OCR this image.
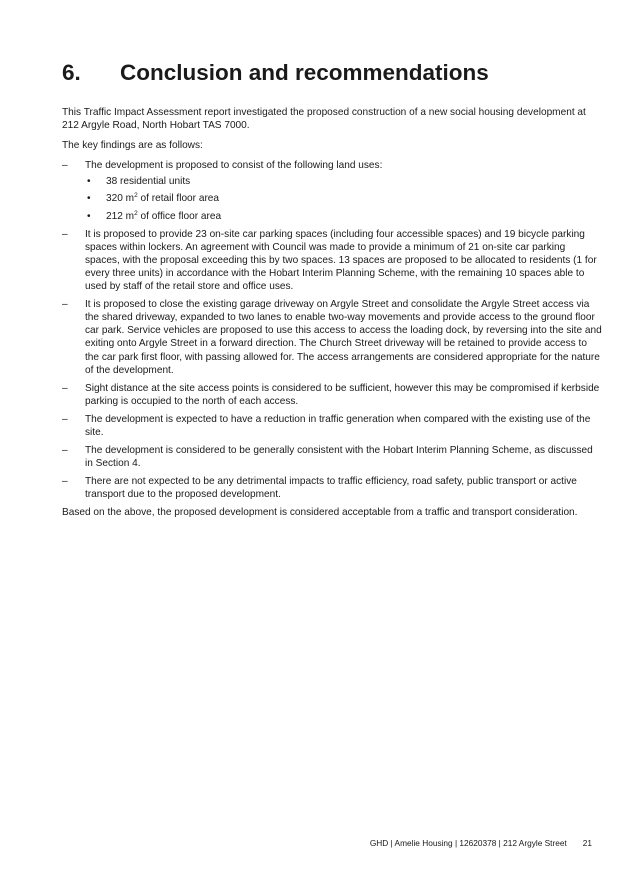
6. Conclusion and recommendations

This Traffic Impact Assessment report investigated the proposed construction of a new social housing development at 212 Argyle Road, North Hobart TAS 7000.

The key findings are as follows:

– The development is proposed to consist of the following land uses:
• 38 residential units
• 320 $m^2$ of retail floor area
• 212 $m^2$ of office floor area
– It is proposed to provide 23 on-site car parking spaces (including four accessible spaces) and 19 bicycle parking spaces within lockers. An agreement with Council was made to provide a minimum of 21 on-site car parking spaces, with the proposal exceeding this by two spaces. 13 spaces are proposed to be allocated to residents (1 for every three units) in accordance with the Hobart Interim Planning Scheme, with the remaining 10 spaces able to used by staff of the retail store and office uses.
– It is proposed to close the existing garage driveway on Argyle Street and consolidate the Argyle Street access via the shared driveway, expanded to two lanes to enable two-way movements and provide access to the ground floor car park. Service vehicles are proposed to use this access to access the loading dock, by reversing into the site and exiting onto Argyle Street in a forward direction. The Church Street driveway will be retained to provide access to the car park first floor, with passing allowed for. The access arrangements are considered appropriate for the nature of the development.
– Sight distance at the site access points is considered to be sufficient, however this may be compromised if kerbside parking is occupied to the north of each access.
– The development is expected to have a reduction in traffic generation when compared with the existing use of the site.
– The development is considered to be generally consistent with the Hobart Interim Planning Scheme, as discussed in Section 4.
– There are not expected to be any detrimental impacts to traffic efficiency, road safety, public transport or active transport due to the proposed development.

Based on the above, the proposed development is considered acceptable from a traffic and transport consideration.

GHD | Amelie Housing | 12620378 | 212 Argyle Street 21
